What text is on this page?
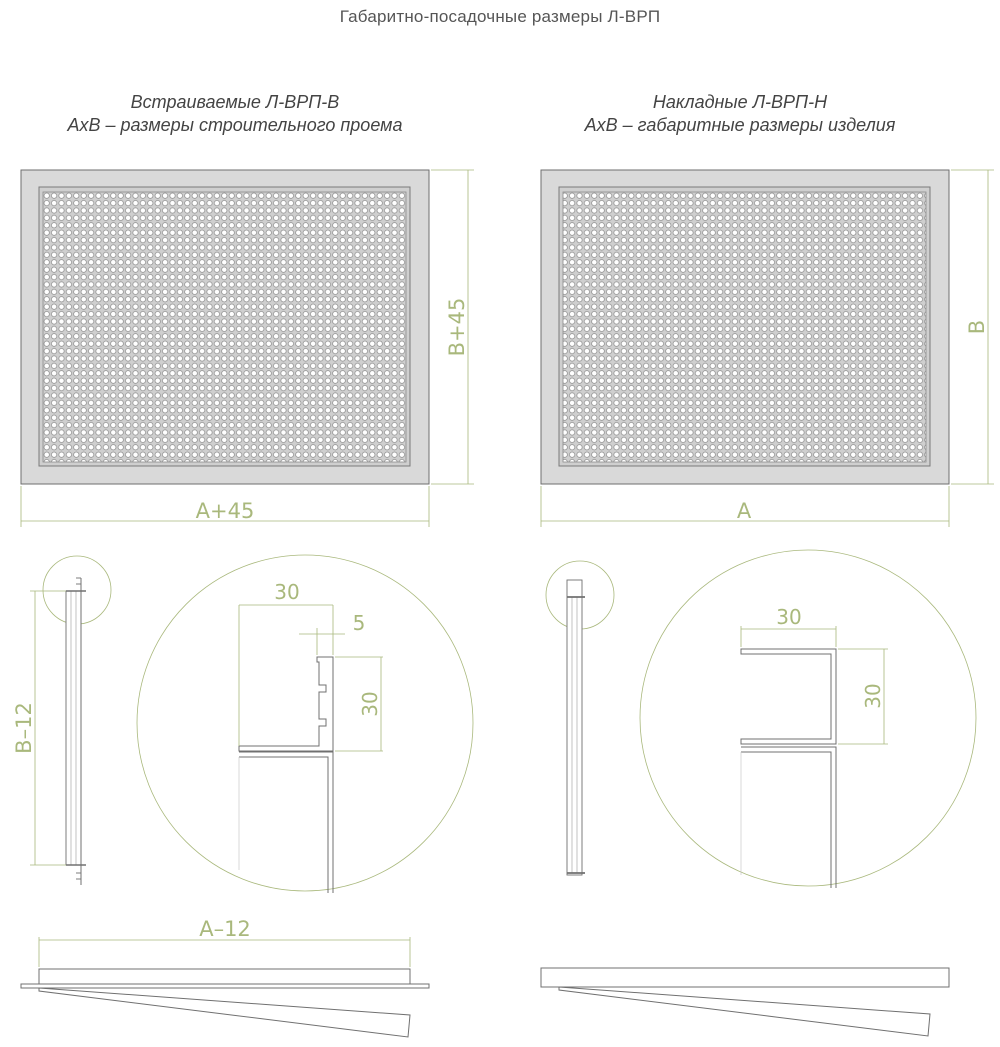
Габаритно-посадочные размеры Л-ВРП
Встраиваемые Л-ВРП-В
АхВ – размеры строительного проема
Накладные Л-ВРП-Н
АхВ – габаритные размеры изделия
А+45
В+45
А
В
В–12
30
5
30
30
30
А–12
